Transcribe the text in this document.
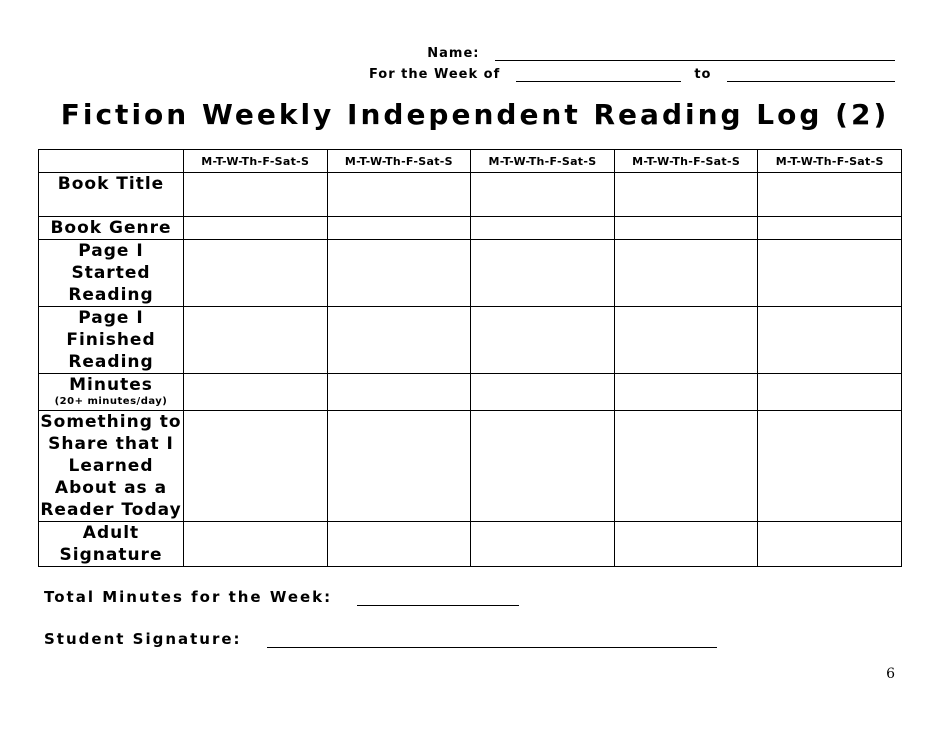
Name:
For the Week of	to
Fiction Weekly Independent Reading Log (2)
	M-T-W-Th-F-Sat-S	M-T-W-Th-F-Sat-S	M-T-W-Th-F-Sat-S	M-T-W-Th-F-Sat-S	M-T-W-Th-F-Sat-S
Book Title					
Book Genre					
Page I Started Reading					
Page I Finished Reading					
Minutes
(20+ minutes/day)					

Something to Share that I Learned About as a Reader Today					
Adult Signature					
Total Minutes for the Week:
Student Signature:
6
